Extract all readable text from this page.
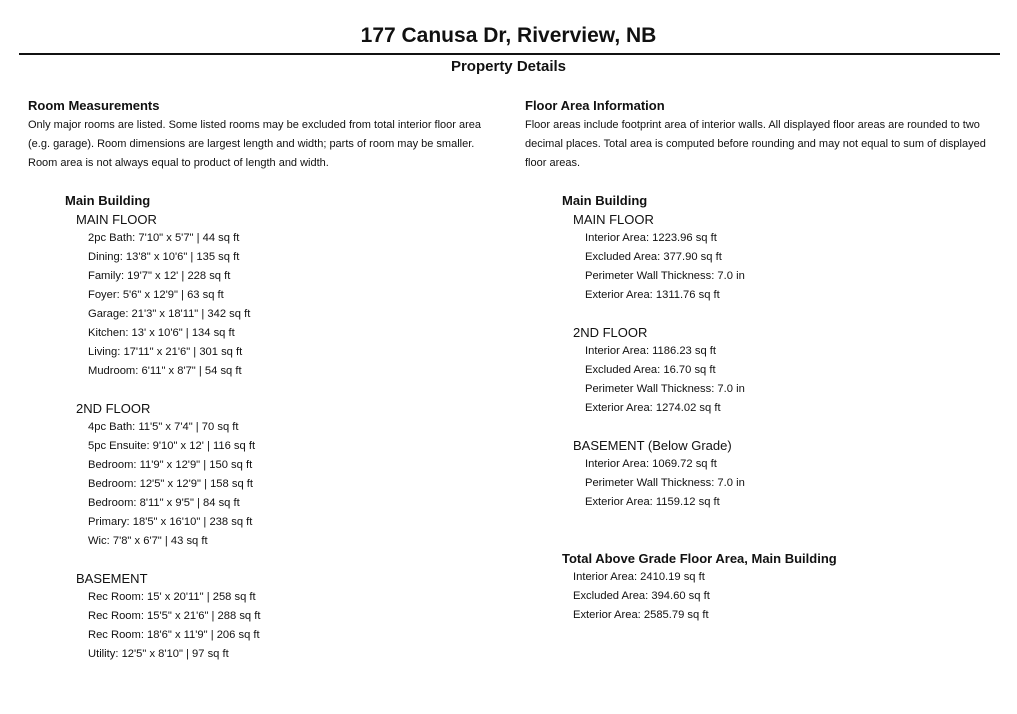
177 Canusa Dr, Riverview, NB
Property Details
Room Measurements
Only major rooms are listed. Some listed rooms may be excluded from total interior floor area (e.g. garage). Room dimensions are largest length and width; parts of room may be smaller. Room area is not always equal to product of length and width.
Main Building
MAIN FLOOR
2pc Bath: 7'10" x 5'7" | 44 sq ft
Dining: 13'8" x 10'6" | 135 sq ft
Family: 19'7" x 12' | 228 sq ft
Foyer: 5'6" x 12'9" | 63 sq ft
Garage: 21'3" x 18'11" | 342 sq ft
Kitchen: 13' x 10'6" | 134 sq ft
Living: 17'11" x 21'6" | 301 sq ft
Mudroom: 6'11" x 8'7" | 54 sq ft
2ND FLOOR
4pc Bath: 11'5" x 7'4" | 70 sq ft
5pc Ensuite: 9'10" x 12' | 116 sq ft
Bedroom: 11'9" x 12'9" | 150 sq ft
Bedroom: 12'5" x 12'9" | 158 sq ft
Bedroom: 8'11" x 9'5" | 84 sq ft
Primary: 18'5" x 16'10" | 238 sq ft
Wic: 7'8" x 6'7" | 43 sq ft
BASEMENT
Rec Room: 15' x 20'11" | 258 sq ft
Rec Room: 15'5" x 21'6" | 288 sq ft
Rec Room: 18'6" x 11'9" | 206 sq ft
Utility: 12'5" x 8'10" | 97 sq ft
Floor Area Information
Floor areas include footprint area of interior walls. All displayed floor areas are rounded to two decimal places. Total area is computed before rounding and may not equal to sum of displayed floor areas.
Main Building
MAIN FLOOR
Interior Area: 1223.96 sq ft
Excluded Area: 377.90 sq ft
Perimeter Wall Thickness: 7.0 in
Exterior Area: 1311.76 sq ft
2ND FLOOR
Interior Area: 1186.23 sq ft
Excluded Area: 16.70 sq ft
Perimeter Wall Thickness: 7.0 in
Exterior Area: 1274.02 sq ft
BASEMENT (Below Grade)
Interior Area: 1069.72 sq ft
Perimeter Wall Thickness: 7.0 in
Exterior Area: 1159.12 sq ft
Total Above Grade Floor Area, Main Building
Interior Area: 2410.19 sq ft
Excluded Area: 394.60 sq ft
Exterior Area: 2585.79 sq ft
